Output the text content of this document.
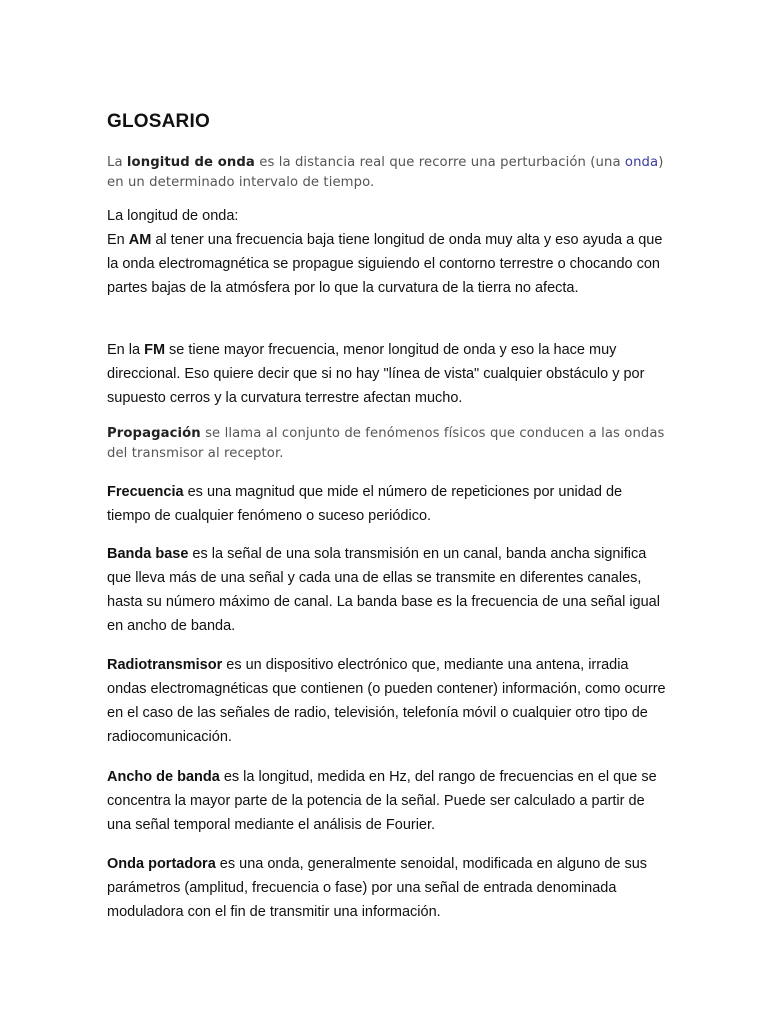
GLOSARIO

La longitud de onda es la distancia real que recorre una perturbación (una onda) en un determinado intervalo de tiempo.

La longitud de onda:
En AM al tener una frecuencia baja tiene longitud de onda muy alta y eso ayuda a que la onda electromagnética se propague siguiendo el contorno terrestre o chocando con partes bajas de la atmósfera por lo que la curvatura de la tierra no afecta.

En la FM se tiene mayor frecuencia, menor longitud de onda y eso la hace muy direccional. Eso quiere decir que si no hay "línea de vista" cualquier obstáculo y por supuesto cerros y la curvatura terrestre afectan mucho.

Propagación se llama al conjunto de fenómenos físicos que conducen a las ondas del transmisor al receptor.

Frecuencia es una magnitud que mide el número de repeticiones por unidad de tiempo de cualquier fenómeno o suceso periódico.

Banda base es la señal de una sola transmisión en un canal, banda ancha significa que lleva más de una señal y cada una de ellas se transmite en diferentes canales, hasta su número máximo de canal. La banda base es la frecuencia de una señal igual en ancho de banda.

Radiotransmisor es un dispositivo electrónico que, mediante una antena, irradia ondas electromagnéticas que contienen (o pueden contener) información, como ocurre en el caso de las señales de radio, televisión, telefonía móvil o cualquier otro tipo de radiocomunicación.

Ancho de banda es la longitud, medida en Hz, del rango de frecuencias en el que se concentra la mayor parte de la potencia de la señal. Puede ser calculado a partir de una señal temporal mediante el análisis de Fourier.

Onda portadora es una onda, generalmente senoidal, modificada en alguno de sus parámetros (amplitud, frecuencia o fase) por una señal de entrada denominada moduladora con el fin de transmitir una información.
